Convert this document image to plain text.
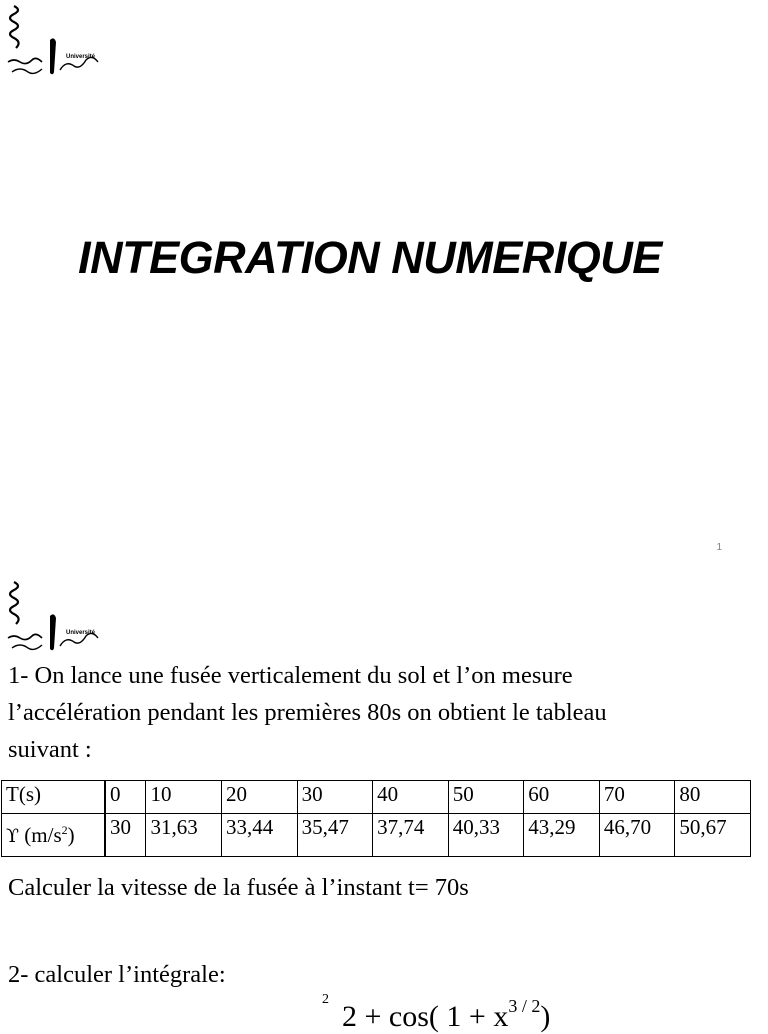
Université
INTEGRATION NUMERIQUE
1
Université
1- On lance une fusée verticalement du sol et l’on mesure
l’accélération pendant les premières 80s on obtient le tableau
suivant :
T(s)	0	10	20	30	40	50	60	70	80
ϒ $(m/s^2)$	30	31,63	33,44	35,47	37,74	40,33	43,29	46,70	50,67
Calculer la vitesse de la fusée à l’instant t= 70s
2- calculer l’intégrale:
2
2 + cos( $1 + x^{3 / 2}$)
